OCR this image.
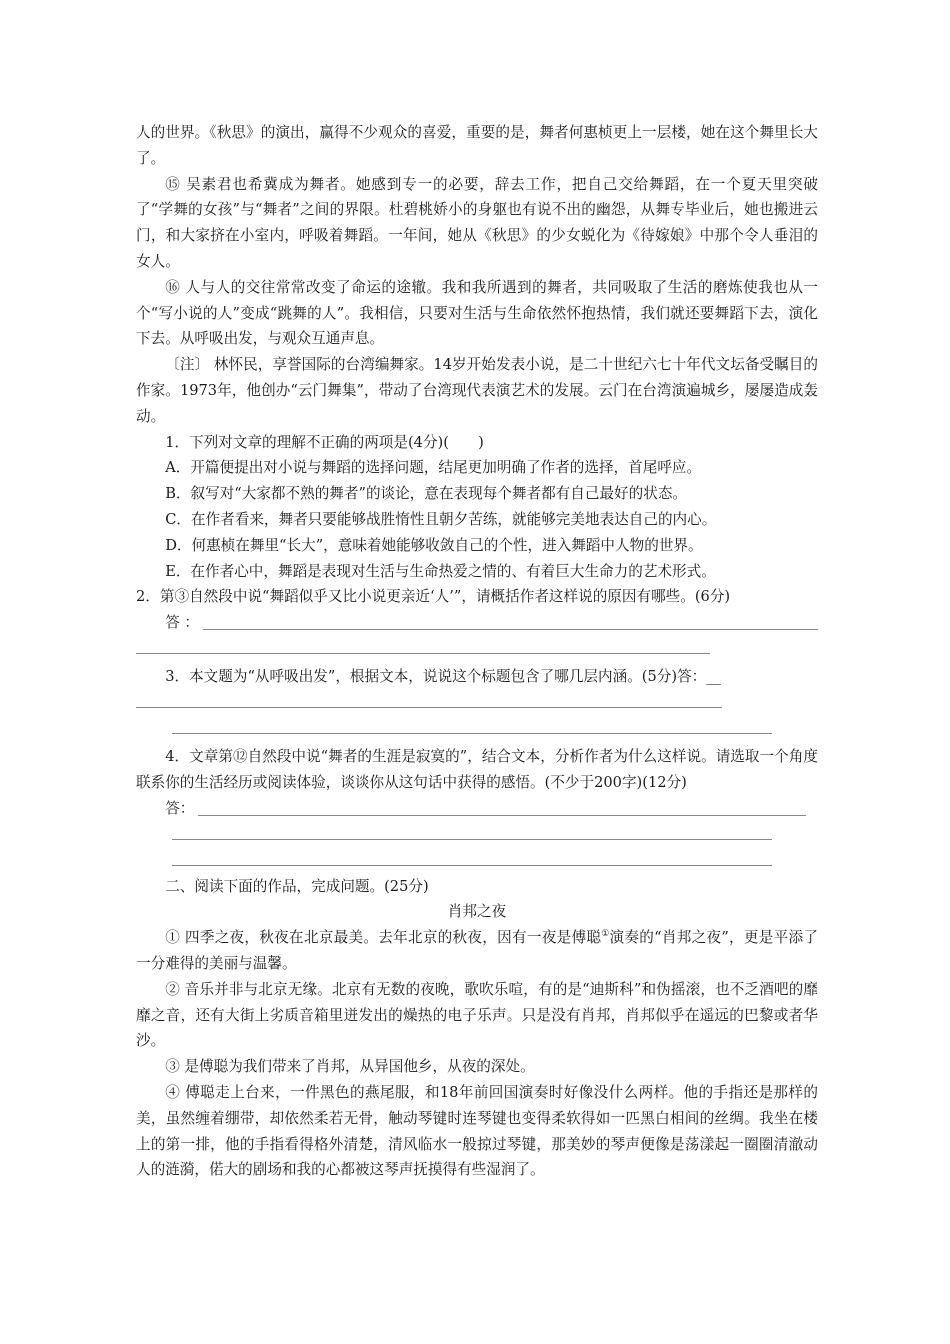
人的世界。《秋思》的演出，赢得不少观众的喜爱，重要的是，舞者何惠桢更上一层楼，她在这个舞里长大了。

⑮ 吴素君也希冀成为舞者。她感到专一的必要，辞去工作，把自己交给舞蹈，在一个夏天里突破了“学舞的女孩”与“舞者”之间的界限。杜碧桃娇小的身躯也有说不出的幽怨，从舞专毕业后，她也搬进云门，和大家挤在小室内，呼吸着舞蹈。一年间，她从《秋思》的少女蜕化为《待嫁娘》中那个令人垂泪的女人。

⑯ 人与人的交往常常改变了命运的途辙。我和我所遇到的舞者，共同吸取了生活的磨炼使我也从一个“写小说的人”变成“跳舞的人”。我相信，只要对生活与生命依然怀抱热情，我们就还要舞蹈下去，演化下去。从呼吸出发，与观众互通声息。

〔注〕 林怀民，享誉国际的台湾编舞家。14岁开始发表小说，是二十世纪六七十年代文坛备受瞩目的作家。1973年，他创办“云门舞集”，带动了台湾现代表演艺术的发展。云门在台湾演遍城乡，屡屡造成轰动。

1．下列对文章的理解不正确的两项是(4分)(　　)

A．开篇便提出对小说与舞蹈的选择问题，结尾更加明确了作者的选择，首尾呼应。

B．叙写对“大家都不熟的舞者”的谈论，意在表现每个舞者都有自己最好的状态。

C．在作者看来，舞者只要能够战胜惰性且朝夕苦练，就能够完美地表达自己的内心。

D．何惠桢在舞里“长大”，意味着她能够收敛自己的个性，进入舞蹈中人物的世界。

E．在作者心中，舞蹈是表现对生活与生命热爱之情的、有着巨大生命力的艺术形式。

2．第③自然段中说“舞蹈似乎又比小说更亲近‘人’”，请概括作者这样说的原因有哪些。(6分)

答 ：

3．本文题为“从呼吸出发”，根据文本，说说这个标题包含了哪几层内涵。(5分)答：__

4．文章第⑫自然段中说“舞者的生涯是寂寞的”，结合文本，分析作者为什么这样说。请选取一个角度联系你的生活经历或阅读体验，谈谈你从这句话中获得的感悟。(不少于200字)(12分)

答：

二、阅读下面的作品，完成问题。(25分)

肖邦之夜

① 四季之夜，秋夜在北京最美。去年北京的秋夜，因有一夜是傅聪①演奏的“肖邦之夜”，更是平添了一分难得的美丽与温馨。

② 音乐并非与北京无缘。北京有无数的夜晚，歌吹乐喧，有的是“迪斯科”和伪摇滚，也不乏酒吧的靡靡之音，还有大街上劣质音箱里迸发出的燥热的电子乐声。只是没有肖邦，肖邦似乎在遥远的巴黎或者华沙。

③ 是傅聪为我们带来了肖邦，从异国他乡，从夜的深处。

④ 傅聪走上台来，一件黑色的燕尾服，和18年前回国演奏时好像没什么两样。他的手指还是那样的美，虽然缠着绷带，却依然柔若无骨，触动琴键时连琴键也变得柔软得如一匹黑白相间的丝绸。我坐在楼上的第一排，他的手指看得格外清楚，清风临水一般掠过琴键，那美妙的琴声便像是荡漾起一圈圈清澈动人的涟漪，偌大的剧场和我的心都被这琴声抚摸得有些湿润了。
